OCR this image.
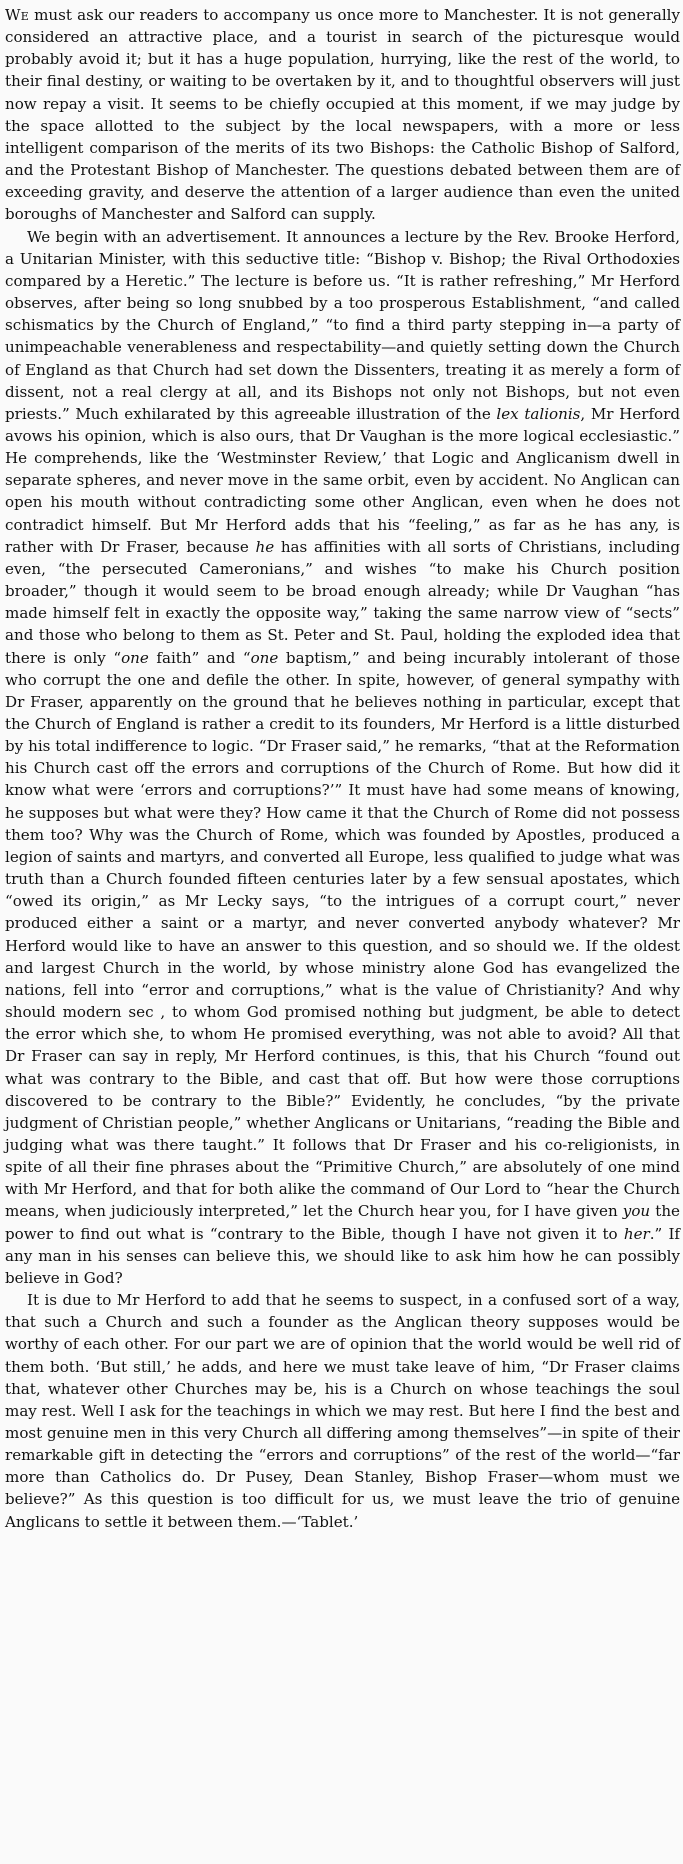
We must ask our readers to accompany us once more to Manchester. It is not generally considered an attractive place, and a tourist in search of the picturesque would probably avoid it; but it has a huge population, hurrying, like the rest of the world, to their final destiny, or waiting to be overtaken by it, and to thoughtful observers will just now repay a visit. It seems to be chiefly occupied at this moment, if we may judge by the space allotted to the subject by the local newspapers, with a more or less intelligent comparison of the merits of its two Bishops: the Catholic Bishop of Salford, and the Protestant Bishop of Manchester. The questions debated between them are of exceeding gravity, and deserve the attention of a larger audience than even the united boroughs of Manchester and Salford can supply.

We begin with an advertisement. It announces a lecture by the Rev. Brooke Herford, a Unitarian Minister, with this seductive title: “Bishop v. Bishop; the Rival Orthodoxies compared by a Heretic.” The lecture is before us. “It is rather refreshing,” Mr Herford observes, after being so long snubbed by a too prosperous Establishment, “and called schismatics by the Church of England,” “to find a third party stepping in—a party of unimpeachable venerableness and respectability—and quietly setting down the Church of England as that Church had set down the Dissenters, treating it as merely a form of dissent, not a real clergy at all, and its Bishops not only not Bishops, but not even priests.” Much exhilarated by this agreeable illustration of the lex talionis, Mr Herford avows his opinion, which is also ours, that Dr Vaughan is the more logical ecclesiastic.” He comprehends, like the ‘Westminster Review,’ that Logic and Anglicanism dwell in separate spheres, and never move in the same orbit, even by accident. No Anglican can open his mouth without contradicting some other Anglican, even when he does not contradict himself. But Mr Herford adds that his “feeling,” as far as he has any, is rather with Dr Fraser, because he has affinities with all sorts of Christians, including even, “the persecuted Cameronians,” and wishes “to make his Church position broader,” though it would seem to be broad enough already; while Dr Vaughan “has made himself felt in exactly the opposite way,” taking the same narrow view of “sects” and those who belong to them as St. Peter and St. Paul, holding the exploded idea that there is only “one faith” and “one baptism,” and being incurably intolerant of those who corrupt the one and defile the other. In spite, however, of general sympathy with Dr Fraser, apparently on the ground that he believes nothing in particular, except that the Church of England is rather a credit to its founders, Mr Herford is a little disturbed by his total indifference to logic. “Dr Fraser said,” he remarks, “that at the Reformation his Church cast off the errors and corruptions of the Church of Rome. But how did it know what were ‘errors and corruptions?’” It must have had some means of knowing, he supposes but what were they? How came it that the Church of Rome did not possess them too? Why was the Church of Rome, which was founded by Apostles, produced a legion of saints and martyrs, and converted all Europe, less qualified to judge what was truth than a Church founded fifteen centuries later by a few sensual apostates, which “owed its origin,” as Mr Lecky says, “to the intrigues of a corrupt court,” never produced either a saint or a martyr, and never converted anybody whatever? Mr Herford would like to have an answer to this question, and so should we. If the oldest and largest Church in the world, by whose ministry alone God has evangelized the nations, fell into “error and corruptions,” what is the value of Christianity? And why should modern sec , to whom God promised nothing but judgment, be able to detect the error which she, to whom He promised everything, was not able to avoid? All that Dr Fraser can say in reply, Mr Herford continues, is this, that his Church “found out what was contrary to the Bible, and cast that off. But how were those corruptions discovered to be contrary to the Bible?” Evidently, he concludes, “by the private judgment of Christian people,” whether Anglicans or Unitarians, “reading the Bible and judging what was there taught.” It follows that Dr Fraser and his co-religionists, in spite of all their fine phrases about the “Primitive Church,” are absolutely of one mind with Mr Herford, and that for both alike the command of Our Lord to “hear the Church means, when judiciously interpreted,” let the Church hear you, for I have given you the power to find out what is “contrary to the Bible, though I have not given it to her.” If any man in his senses can believe this, we should like to ask him how he can possibly believe in God?

It is due to Mr Herford to add that he seems to suspect, in a confused sort of a way, that such a Church and such a founder as the Anglican theory supposes would be worthy of each other. For our part we are of opinion that the world would be well rid of them both. ‘But still,’ he adds, and here we must take leave of him, “Dr Fraser claims that, whatever other Churches may be, his is a Church on whose teachings the soul may rest. Well I ask for the teachings in which we may rest. But here I find the best and most genuine men in this very Church all differing among themselves”—in spite of their remarkable gift in detecting the “errors and corruptions” of the rest of the world—“far more than Catholics do. Dr Pusey, Dean Stanley, Bishop Fraser—whom must we believe?” As this question is too difficult for us, we must leave the trio of genuine Anglicans to settle it between them.—‘Tablet.’
